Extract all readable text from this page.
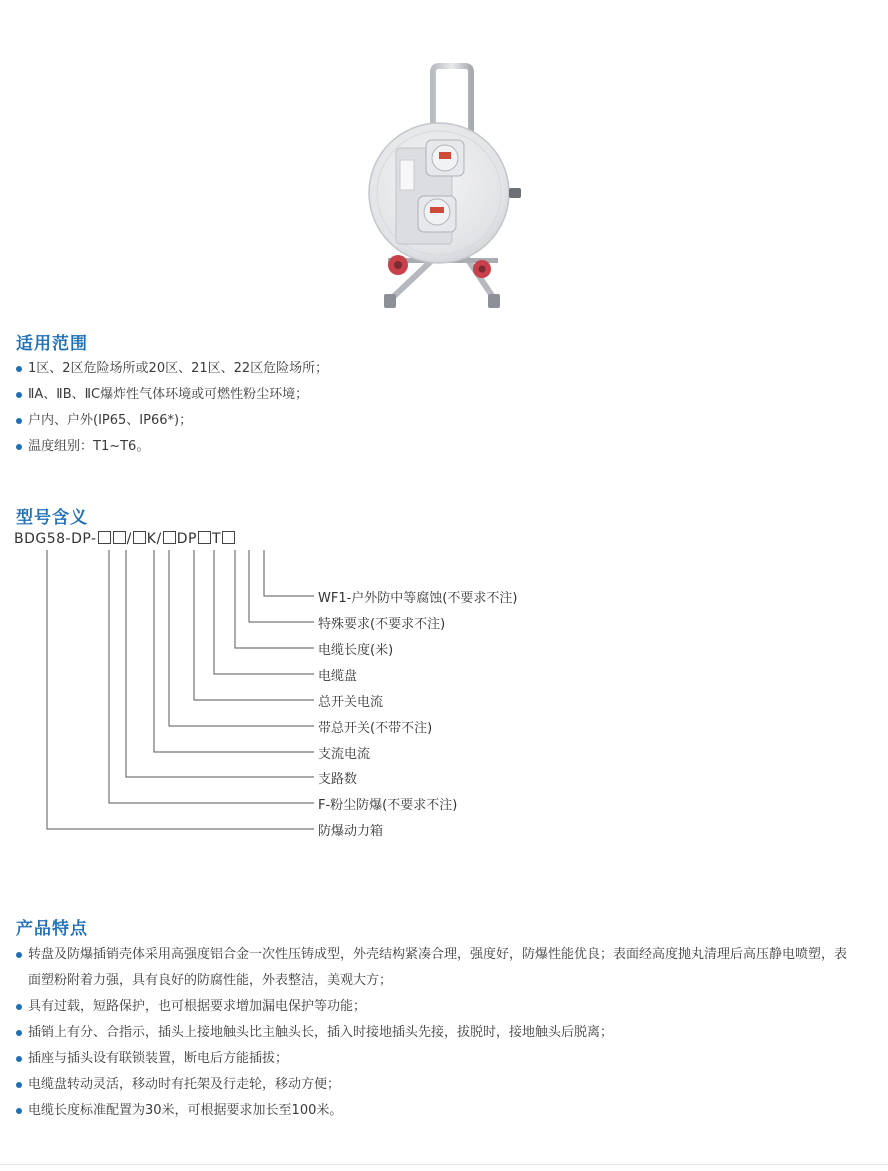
适用范围
1区、2区危险场所或20区、21区、22区危险场所；
ⅡA、ⅡB、ⅡC爆炸性气体环境或可燃性粉尘环境；
户内、户外(IP65、IP66*)；
温度组别：T1~T6。
型号含义
BDG58-DP- / K/ DP T
WF1-户外防中等腐蚀(不要求不注)
特殊要求(不要求不注)
电缆长度(米)
电缆盘
总开关电流
带总开关(不带不注)
支流电流
支路数
F-粉尘防爆(不要求不注)
防爆动力箱
产品特点
转盘及防爆插销壳体采用高强度铝合金一次性压铸成型，外壳结构紧凑合理，强度好，防爆性能优良；表面经高度抛丸清理后高压静电喷塑，表面塑粉附着力强，具有良好的防腐性能，外表整洁，美观大方；
具有过载，短路保护，也可根据要求增加漏电保护等功能；
插销上有分、合指示，插头上接地触头比主触头长，插入时接地插头先接，拔脱时，接地触头后脱离；
插座与插头设有联锁装置，断电后方能插拔；
电缆盘转动灵活，移动时有托架及行走轮，移动方便；
电缆长度标准配置为30米，可根据要求加长至100米。
